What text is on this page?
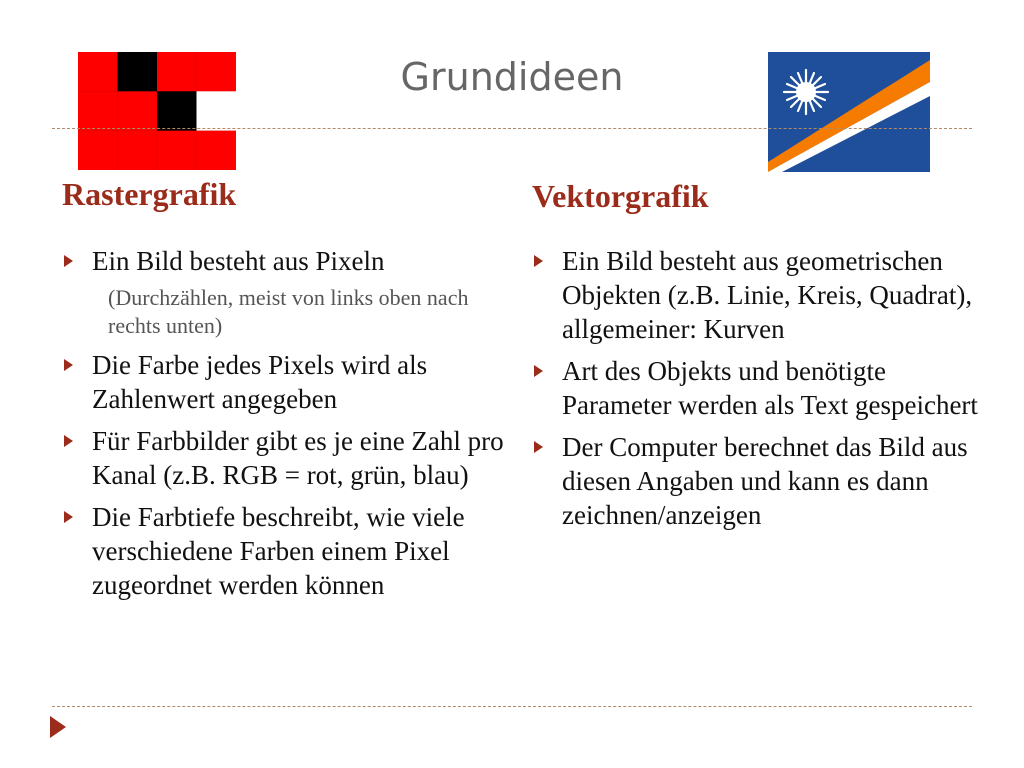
Grundideen
Rastergrafik	Vektorgrafik
Ein Bild besteht aus Pixeln
(Durchzählen, meist von links oben nach rechts unten)
Die Farbe jedes Pixels wird als Zahlenwert angegeben
Für Farbbilder gibt es je eine Zahl pro Kanal (z.B. RGB = rot, grün, blau)
Die Farbtiefe beschreibt, wie viele verschiedene Farben einem Pixel zugeordnet werden können
Ein Bild besteht aus geometrischen Objekten (z.B. Linie, Kreis, Quadrat), allgemeiner: Kurven
Art des Objekts und benötigte Parameter werden als Text gespeichert
Der Computer berechnet das Bild aus diesen Angaben und kann es dann zeichnen/anzeigen
